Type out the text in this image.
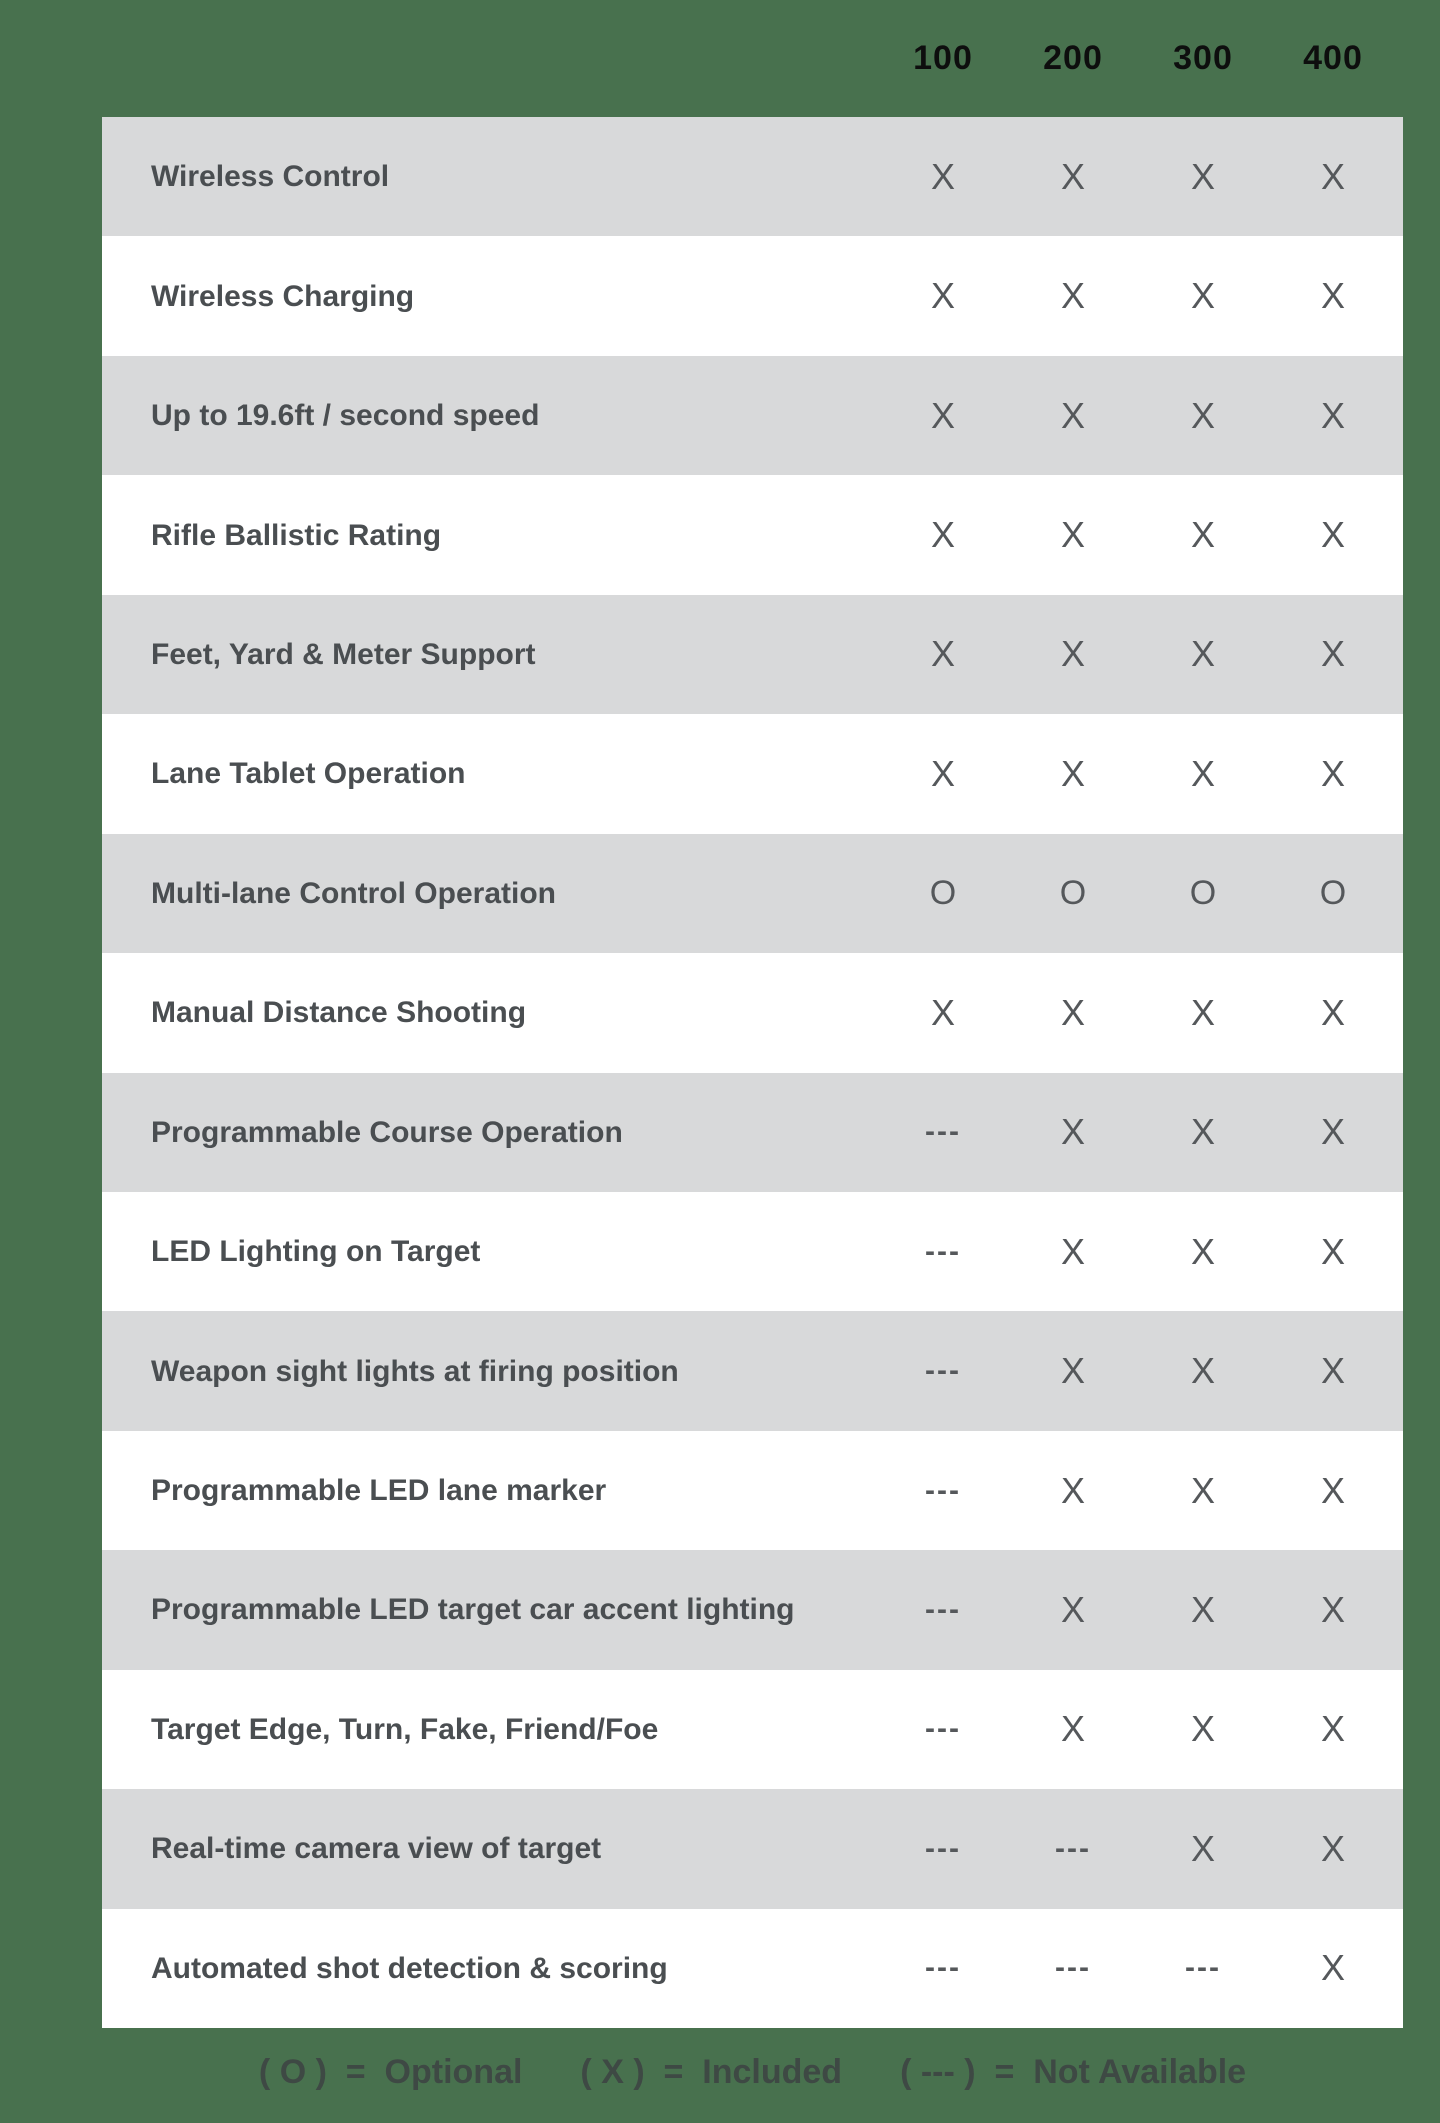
100	200	300	400
Wireless Control	X	X	X	X
Wireless Charging	X	X	X	X
Up to 19.6ft / second speed	X	X	X	X
Rifle Ballistic Rating	X	X	X	X
Feet, Yard & Meter Support	X	X	X	X
Lane Tablet Operation	X	X	X	X
Multi-lane Control Operation	O	O	O	O
Manual Distance Shooting	X	X	X	X
Programmable Course Operation	---	X	X	X
LED Lighting on Target	---	X	X	X
Weapon sight lights at firing position	---	X	X	X
Programmable LED lane marker	---	X	X	X
Programmable LED target car accent lighting	---	X	X	X
Target Edge, Turn, Fake, Friend/Foe	---	X	X	X
Real-time camera view of target	---	---	X	X
Automated shot detection & scoring	---	---	---	X
( O )  =  Optional ( X )  =  Included ( --- )  =  Not Available
